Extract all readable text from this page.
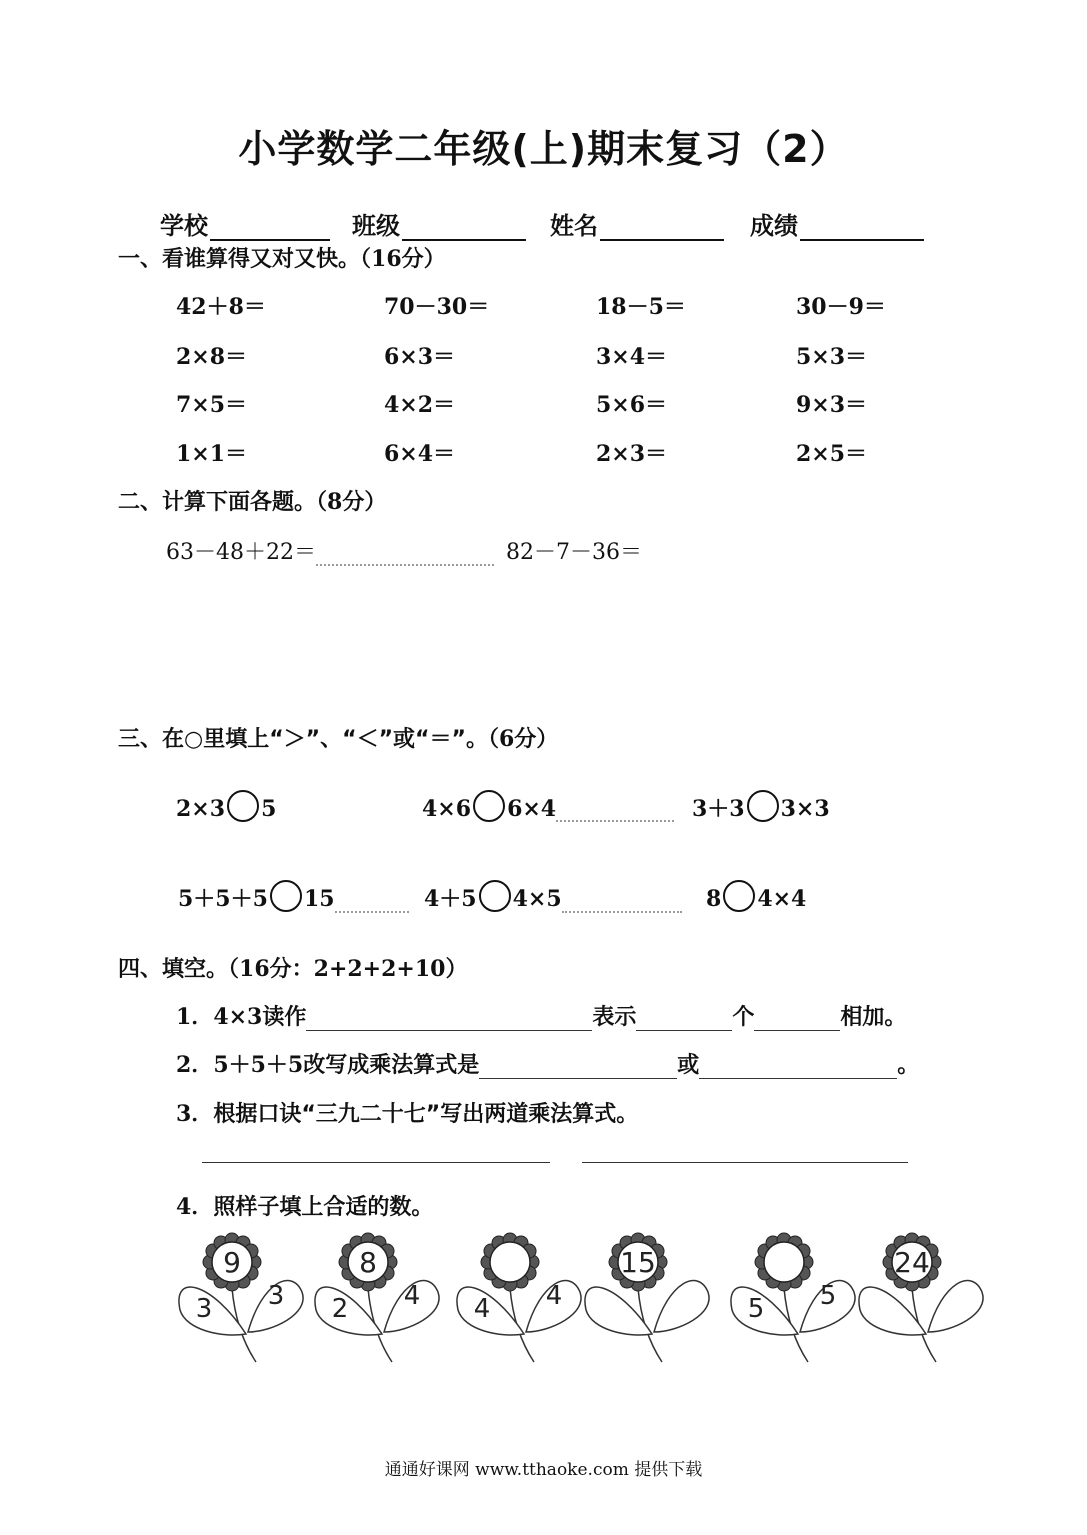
小学数学二年级(上)期末复习（2）
学校	班级	姓名	成绩
一、看谁算得又对又快。（16分）
42＋8＝	70－30＝	18－5＝	30－9＝
2×8＝	6×3＝	3×4＝	5×3＝
7×5＝	4×2＝	5×6＝	9×3＝
1×1＝	6×4＝	2×3＝	2×5＝
二、计算下面各题。（8分）
63－48＋22＝	82－7－36＝
三、在○里填上“＞”、“＜”或“＝”。（6分）
2×3 5	4×6 6×4	3＋3 3×3
5＋5＋5 15	4＋5 4×5	8 4×4
四、填空。（16分：2+2+2+10）
1．4×3读作	表示	个	相加。
2．5＋5＋5改写成乘法算式是	或	。
3．根据口诀“三九二十七”写出两道乘法算式。
4．照样子填上合适的数。
9
3 3
8
2 4 4 4
15
5 5
24
通通好课网 www.tthaoke.com 提供下载
